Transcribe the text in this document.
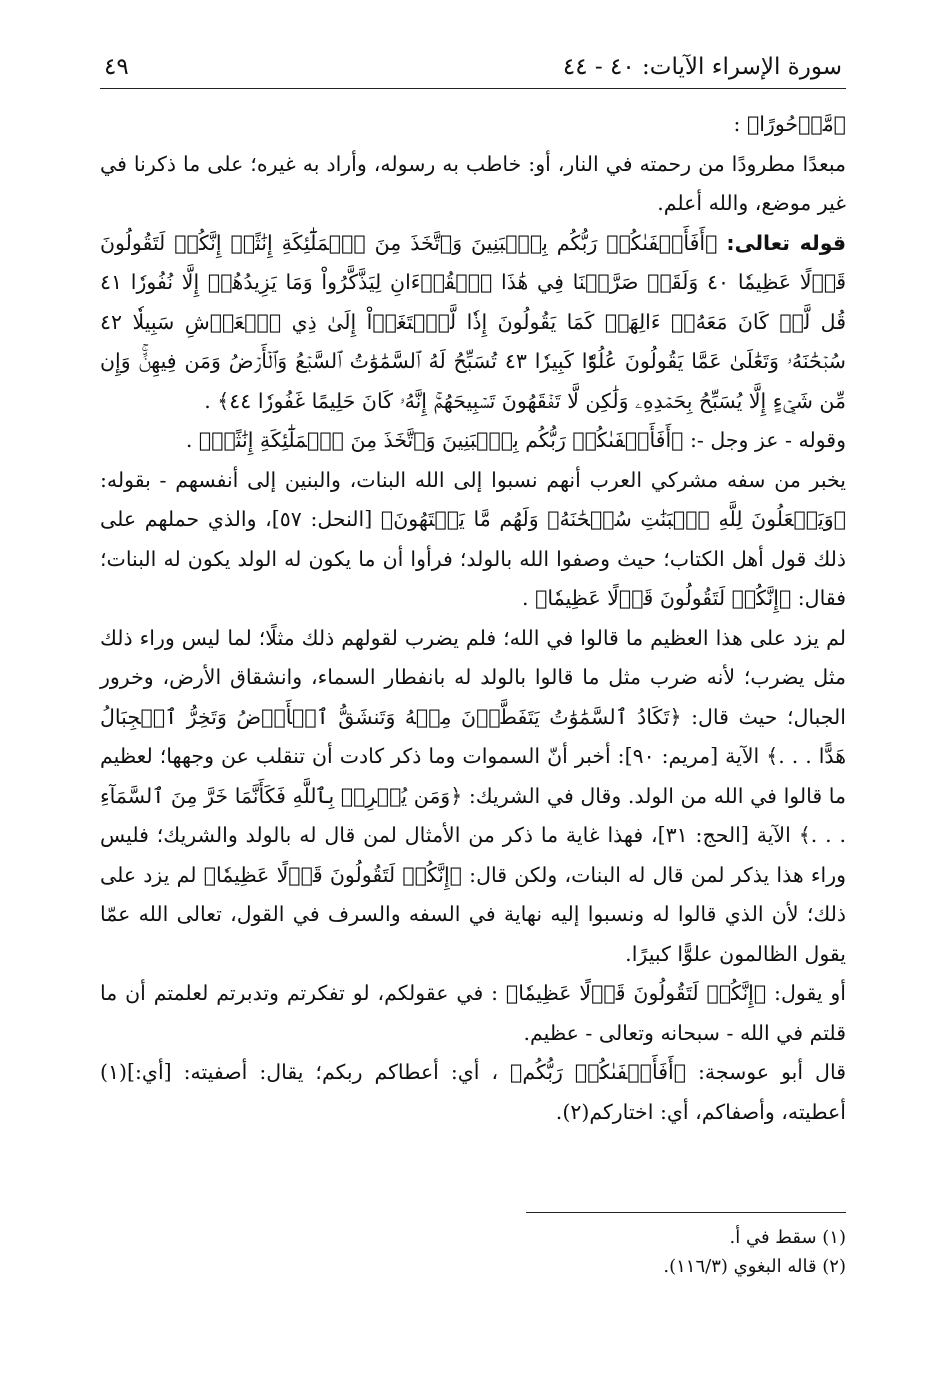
سورة الإسراء الآيات: ٤٠ - ٤٤
٤٩

﴿مَّدۡحُورًا﴾ :

مبعدًا مطرودًا من رحمته في النار، أو: خاطب به رسوله، وأراد به غيره؛ على ما ذكرنا في غير موضع، والله أعلم.

قوله تعالى: ﴿أَفَأَصۡفَىٰكُمۡ رَبُّكُم بِٱلۡبَنِينَ وَٱتَّخَذَ مِنَ ٱلۡمَلَٰٓئِكَةِ إِنَٰثًاۚ إِنَّكُمۡ لَتَقُولُونَ قَوۡلًا عَظِيمٗا ٤٠ وَلَقَدۡ صَرَّفۡنَا فِي هَٰذَا ٱلۡقُرۡءَانِ لِيَذَّكَّرُواْ وَمَا يَزِيدُهُمۡ إِلَّا نُفُورٗا ٤١ قُل لَّوۡ كَانَ مَعَهُۥٓ ءَالِهَةٞ كَمَا يَقُولُونَ إِذٗا لَّٱبۡتَغَوۡاْ إِلَىٰ ذِي ٱلۡعَرۡشِ سَبِيلٗا ٤٢ سُبۡحَٰنَهُۥ وَتَعَٰلَىٰ عَمَّا يَقُولُونَ عُلُوّٗا كَبِيرٗا ٤٣ تُسَبِّحُ لَهُ ٱلسَّمَٰوَٰتُ ٱلسَّبۡعُ وَٱلۡأَرۡضُ وَمَن فِيهِنَّۚ وَإِن مِّن شَيۡءٍ إِلَّا يُسَبِّحُ بِحَمۡدِهِۦ وَلَٰكِن لَّا تَفۡقَهُونَ تَسۡبِيحَهُمۡۚ إِنَّهُۥ كَانَ حَلِيمًا غَفُورٗا ٤٤﴾ .

وقوله - عز وجل -: ﴿أَفَأَصۡفَىٰكُمۡ رَبُّكُم بِٱلۡبَنِينَ وَٱتَّخَذَ مِنَ ٱلۡمَلَٰٓئِكَةِ إِنَٰثًاۚ﴾ .

يخبر من سفه مشركي العرب أنهم نسبوا إلى الله البنات، والبنين إلى أنفسهم - بقوله: ﴿وَيَجۡعَلُونَ لِلَّهِ ٱلۡبَنَٰتِ سُبۡحَٰنَهُۥ وَلَهُم مَّا يَشۡتَهُونَ﴾ [النحل: ٥٧]، والذي حملهم على ذلك قول أهل الكتاب؛ حيث وصفوا الله بالولد؛ فرأوا أن ما يكون له الولد يكون له البنات؛ فقال: ﴿إِنَّكُمۡ لَتَقُولُونَ قَوۡلًا عَظِيمٗا﴾ .

لم يزد على هذا العظيم ما قالوا في الله؛ فلم يضرب لقولهم ذلك مثلًا؛ لما ليس وراء ذلك مثل يضرب؛ لأنه ضرب مثل ما قالوا بالولد له بانفطار السماء، وانشقاق الأرض، وخرور الجبال؛ حيث قال: ﴿تَكَادُ ٱلسَّمَٰوَٰتُ يَتَفَطَّرۡنَ مِنۡهُ وَتَنشَقُّ ٱلۡأَرۡضُ وَتَخِرُّ ٱلۡجِبَالُ هَدًّا . . .﴾ الآية [مريم: ٩٠]: أخبر أنّ السموات وما ذكر كادت أن تنقلب عن وجهها؛ لعظيم ما قالوا في الله من الولد. وقال في الشريك: ﴿وَمَن يُشۡرِكۡ بِٱللَّهِ فَكَأَنَّمَا خَرَّ مِنَ ٱلسَّمَآءِ . . .﴾ الآية [الحج: ٣١]، فهذا غاية ما ذكر من الأمثال لمن قال له بالولد والشريك؛ فليس وراء هذا يذكر لمن قال له البنات، ولكن قال: ﴿إِنَّكُمۡ لَتَقُولُونَ قَوۡلًا عَظِيمٗا﴾ لم يزد على ذلك؛ لأن الذي قالوا له ونسبوا إليه نهاية في السفه والسرف في القول، تعالى الله عمّا يقول الظالمون علوًّا كبيرًا.

أو يقول: ﴿إِنَّكُمۡ لَتَقُولُونَ قَوۡلًا عَظِيمٗا﴾ : في عقولكم، لو تفكرتم وتدبرتم لعلمتم أن ما قلتم في الله - سبحانه وتعالى - عظيم.

قال أبو عوسجة: ﴿أَفَأَصۡفَىٰكُمۡ رَبُّكُم﴾ ، أي: أعطاكم ربكم؛ يقال: أصفيته: [أي:](١) أعطيته، وأصفاكم، أي: اختاركم(٢).

(١) سقط في أ.

(٢) قاله البغوي (١١٦/٣).
